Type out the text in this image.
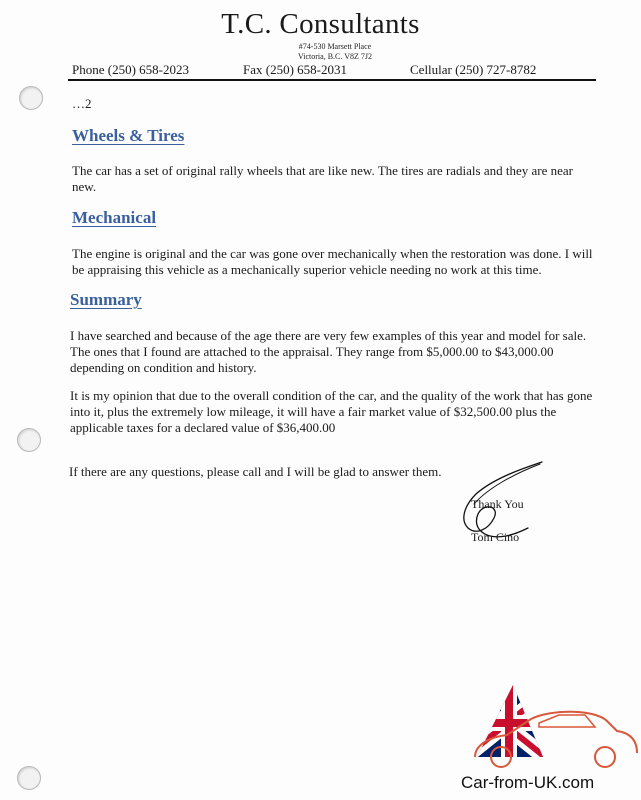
T.C. Consultants
#74-530 Marsett Place
Victoria, B.C. V8Z 7J2
Phone (250) 658-2023	Fax (250) 658-2031	Cellular (250) 727-8782
…2
Wheels & Tires
The car has a set of original rally wheels that are like new. The tires are radials and they are near new.
Mechanical
The engine is original and the car was gone over mechanically when the restoration was done. I will be appraising this vehicle as a mechanically superior vehicle needing no work at this time.
Summary
I have searched and because of the age there are very few examples of this year and model for sale. The ones that I found are attached to the appraisal. They range from $5,000.00 to $43,000.00 depending on condition and history.
It is my opinion that due to the overall condition of the car, and the quality of the work that has gone into it, plus the extremely low mileage, it will have a fair market value of $32,500.00 plus the applicable taxes for a declared value of $36,400.00
If there are any questions, please call and I will be glad to answer them.
Thank You
Tom Cino
Car-from-UK.com
